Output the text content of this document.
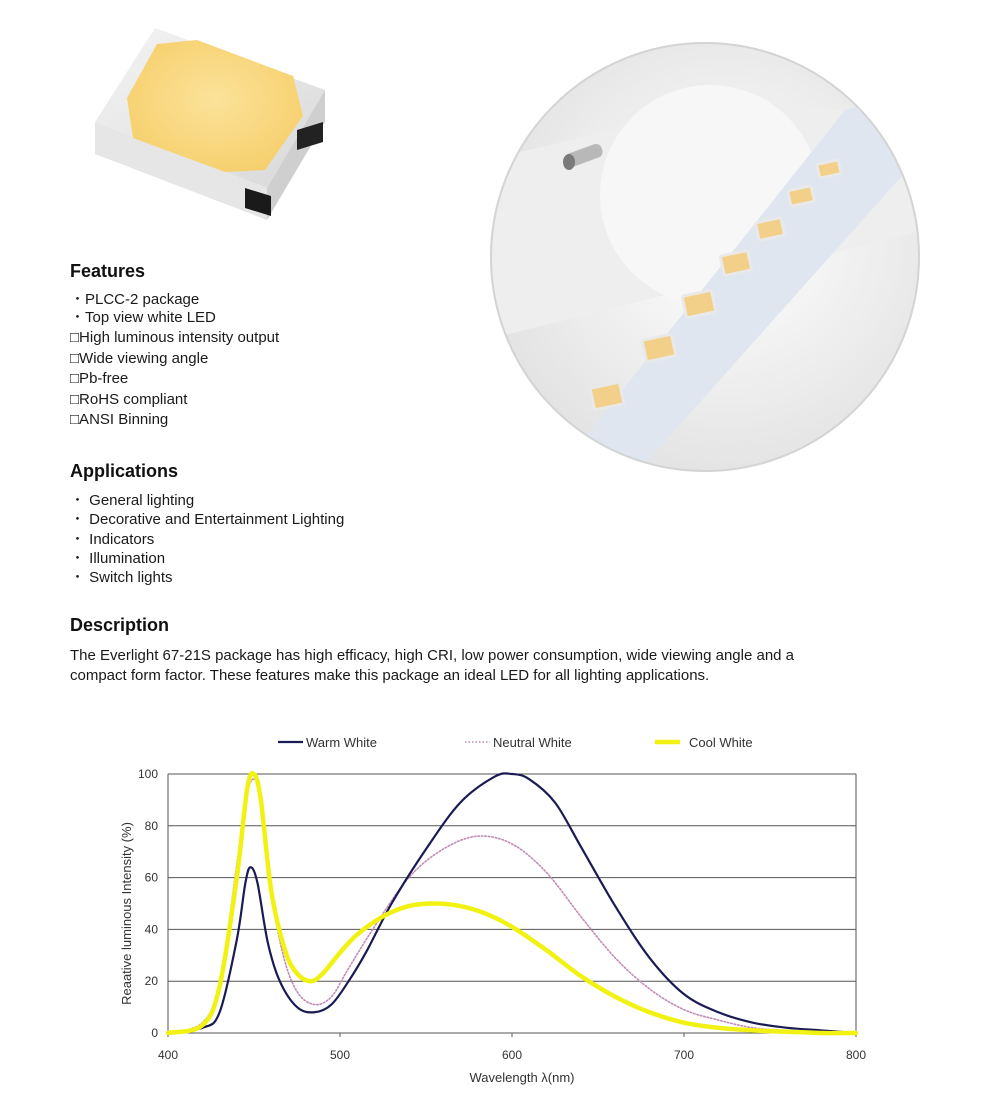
Features
・PLCC-2 package
・Top view white LED
□High luminous intensity output
□Wide viewing angle
□Pb-free
□RoHS compliant
□ANSI Binning
Applications
・ General lighting
・ Decorative and Entertainment Lighting
・ Indicators
・ Illumination
・ Switch lights
Description
The Everlight 67-21S package has high efficacy, high CRI, low power consumption, wide viewing angle and a
compact form factor. These features make this package an ideal LED for all lighting applications.
Warm White	Neutral White	Cool White
0
20
40
60
80
100
400	500	600	700	800
Wavelength λ(nm)
Reaative luminous Intensity (%)
